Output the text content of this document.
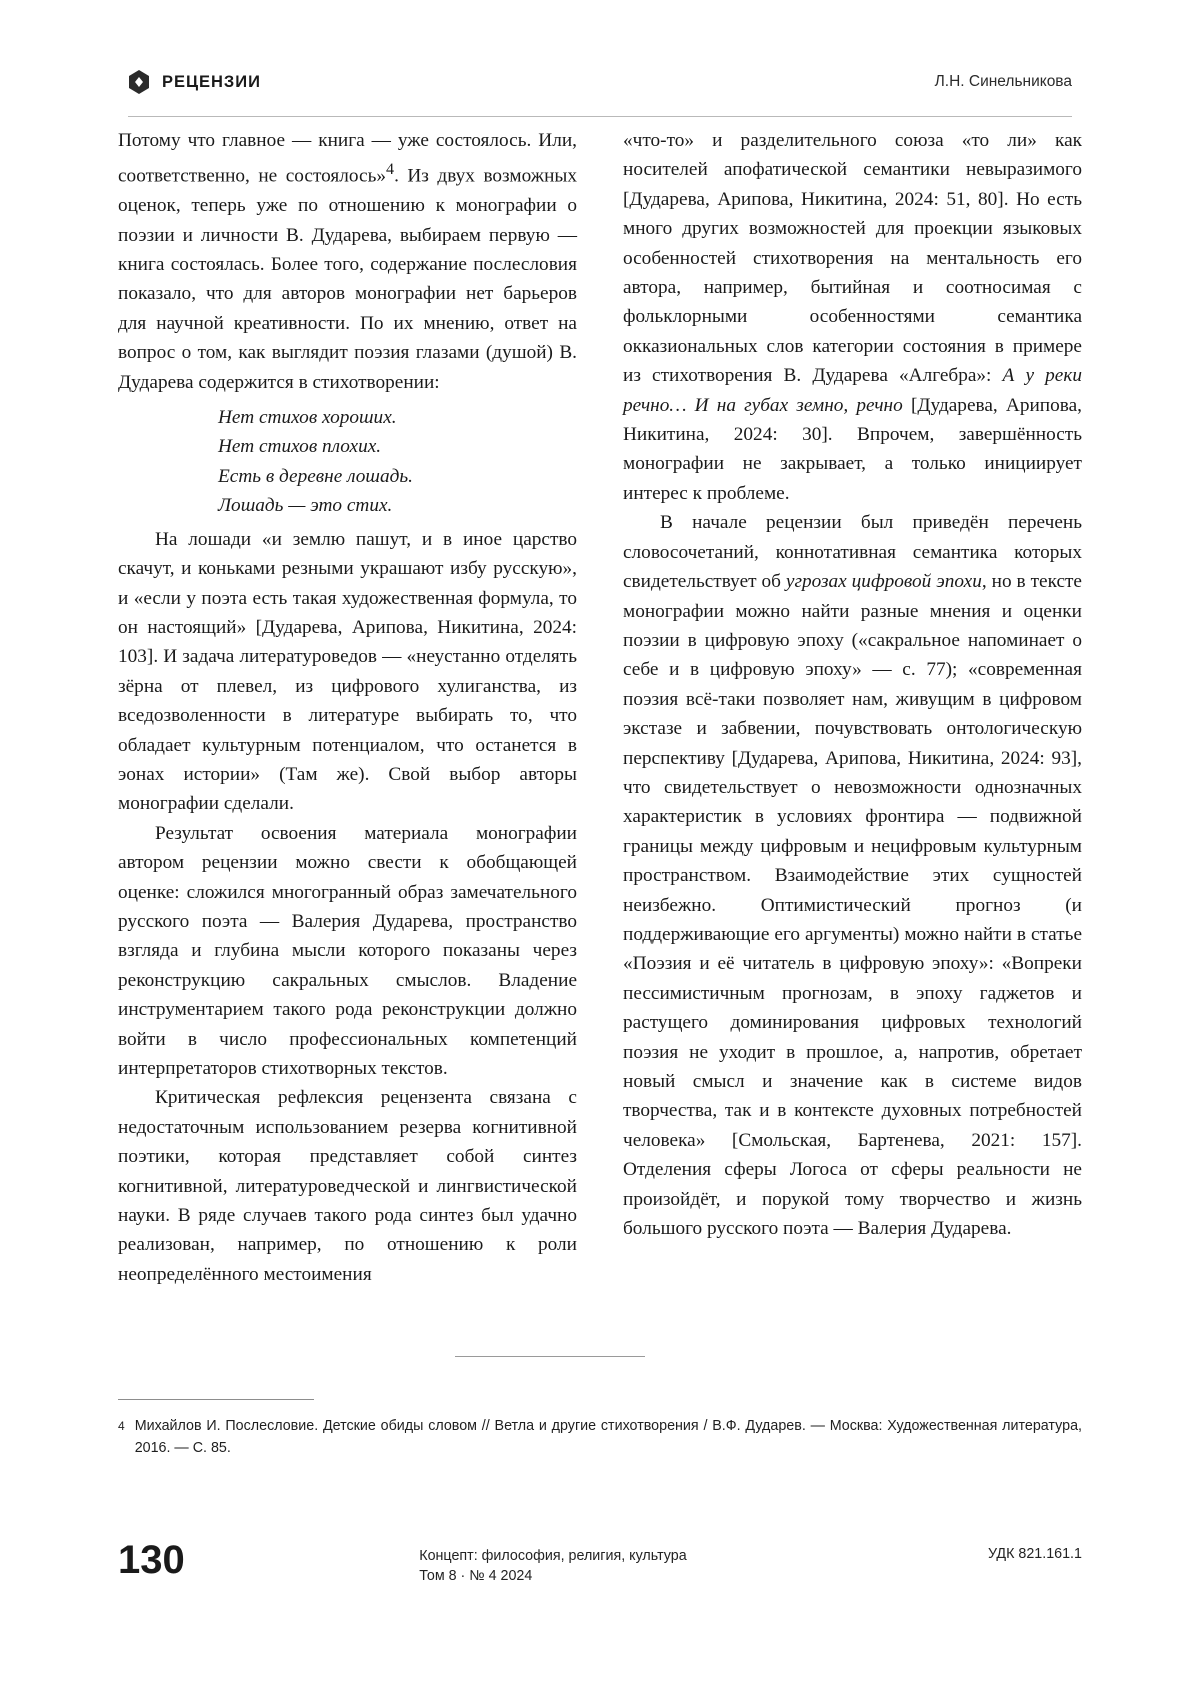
РЕЦЕНЗИИ	Л.Н. Синельникова

Потому что главное — книга — уже состоялось. Или, соответственно, не состоялось»$^4$. Из двух возможных оценок, теперь уже по отношению к монографии о поэзии и личности В. Дударева, выбираем первую — книга состоялась. Более того, содержание послесловия показало, что для авторов монографии нет барьеров для научной креативности. По их мнению, ответ на вопрос о том, как выглядит поэзия глазами (душой) В. Дударева содержится в стихотворении:

Нет стихов хороших.
Нет стихов плохих.
Есть в деревне лошадь.
Лошадь — это стих.

На лошади «и землю пашут, и в иное царство скачут, и коньками резными украшают избу русскую», и «если у поэта есть такая художественная формула, то он настоящий» [Дударева, Арипова, Никитина, 2024: 103]. И задача литературоведов — «неустанно отделять зёрна от плевел, из цифрового хулиганства, из вседозволенности в литературе выбирать то, что обладает культурным потенциалом, что останется в эонах истории» (Там же). Свой выбор авторы монографии сделали.

Результат освоения материала монографии автором рецензии можно свести к обобщающей оценке: сложился многогранный образ замечательного русского поэта — Валерия Дударева, пространство взгляда и глубина мысли которого показаны через реконструкцию сакральных смыслов. Владение инструментарием такого рода реконструкции должно войти в число профессиональных компетенций интерпретаторов стихотворных текстов.

Критическая рефлексия рецензента связана с недостаточным использованием резерва когнитивной поэтики, которая представляет собой синтез когнитивной, литературоведческой и лингвистической науки. В ряде случаев такого рода синтез был удачно реализован, например, по отношению к роли неопределённого местоимения

«что-то» и разделительного союза «то ли» как носителей апофатической семантики невыразимого [Дударева, Арипова, Никитина, 2024: 51, 80]. Но есть много других возможностей для проекции языковых особенностей стихотворения на ментальность его автора, например, бытийная и соотносимая с фольклорными особенностями семантика окказиональных слов категории состояния в примере из стихотворения В. Дударева «Алгебра»: А у реки речно… И на губах земно, речно [Дударева, Арипова, Никитина, 2024: 30]. Впрочем, завершённость монографии не закрывает, а только инициирует интерес к проблеме.

В начале рецензии был приведён перечень словосочетаний, коннотативная семантика которых свидетельствует об угрозах цифровой эпохи, но в тексте монографии можно найти разные мнения и оценки поэзии в цифровую эпоху («сакральное напоминает о себе и в цифровую эпоху» — с. 77); «современная поэзия всё-таки позволяет нам, живущим в цифровом экстазе и забвении, почувствовать онтологическую перспективу [Дударева, Арипова, Никитина, 2024: 93], что свидетельствует о невозможности однозначных характеристик в условиях фронтира — подвижной границы между цифровым и нецифровым культурным пространством. Взаимодействие этих сущностей неизбежно. Оптимистический прогноз (и поддерживающие его аргументы) можно найти в статье «Поэзия и её читатель в цифровую эпоху»: «Вопреки пессимистичным прогнозам, в эпоху гаджетов и растущего доминирования цифровых технологий поэзия не уходит в прошлое, а, напротив, обретает новый смысл и значение как в системе видов творчества, так и в контексте духовных потребностей человека» [Смольская, Бартенева, 2021: 157]. Отделения сферы Логоса от сферы реальности не произойдёт, и порукой тому творчество и жизнь большого русского поэта — Валерия Дударева.

4 Михайлов И. Послесловие. Детские обиды словом // Ветла и другие стихотворения / В.Ф. Дударев. — Москва: Художественная литература, 2016. — С. 85.
130	Концепт: философия, религия, культура
Том 8 · № 4 2024
УДК 821.161.1
